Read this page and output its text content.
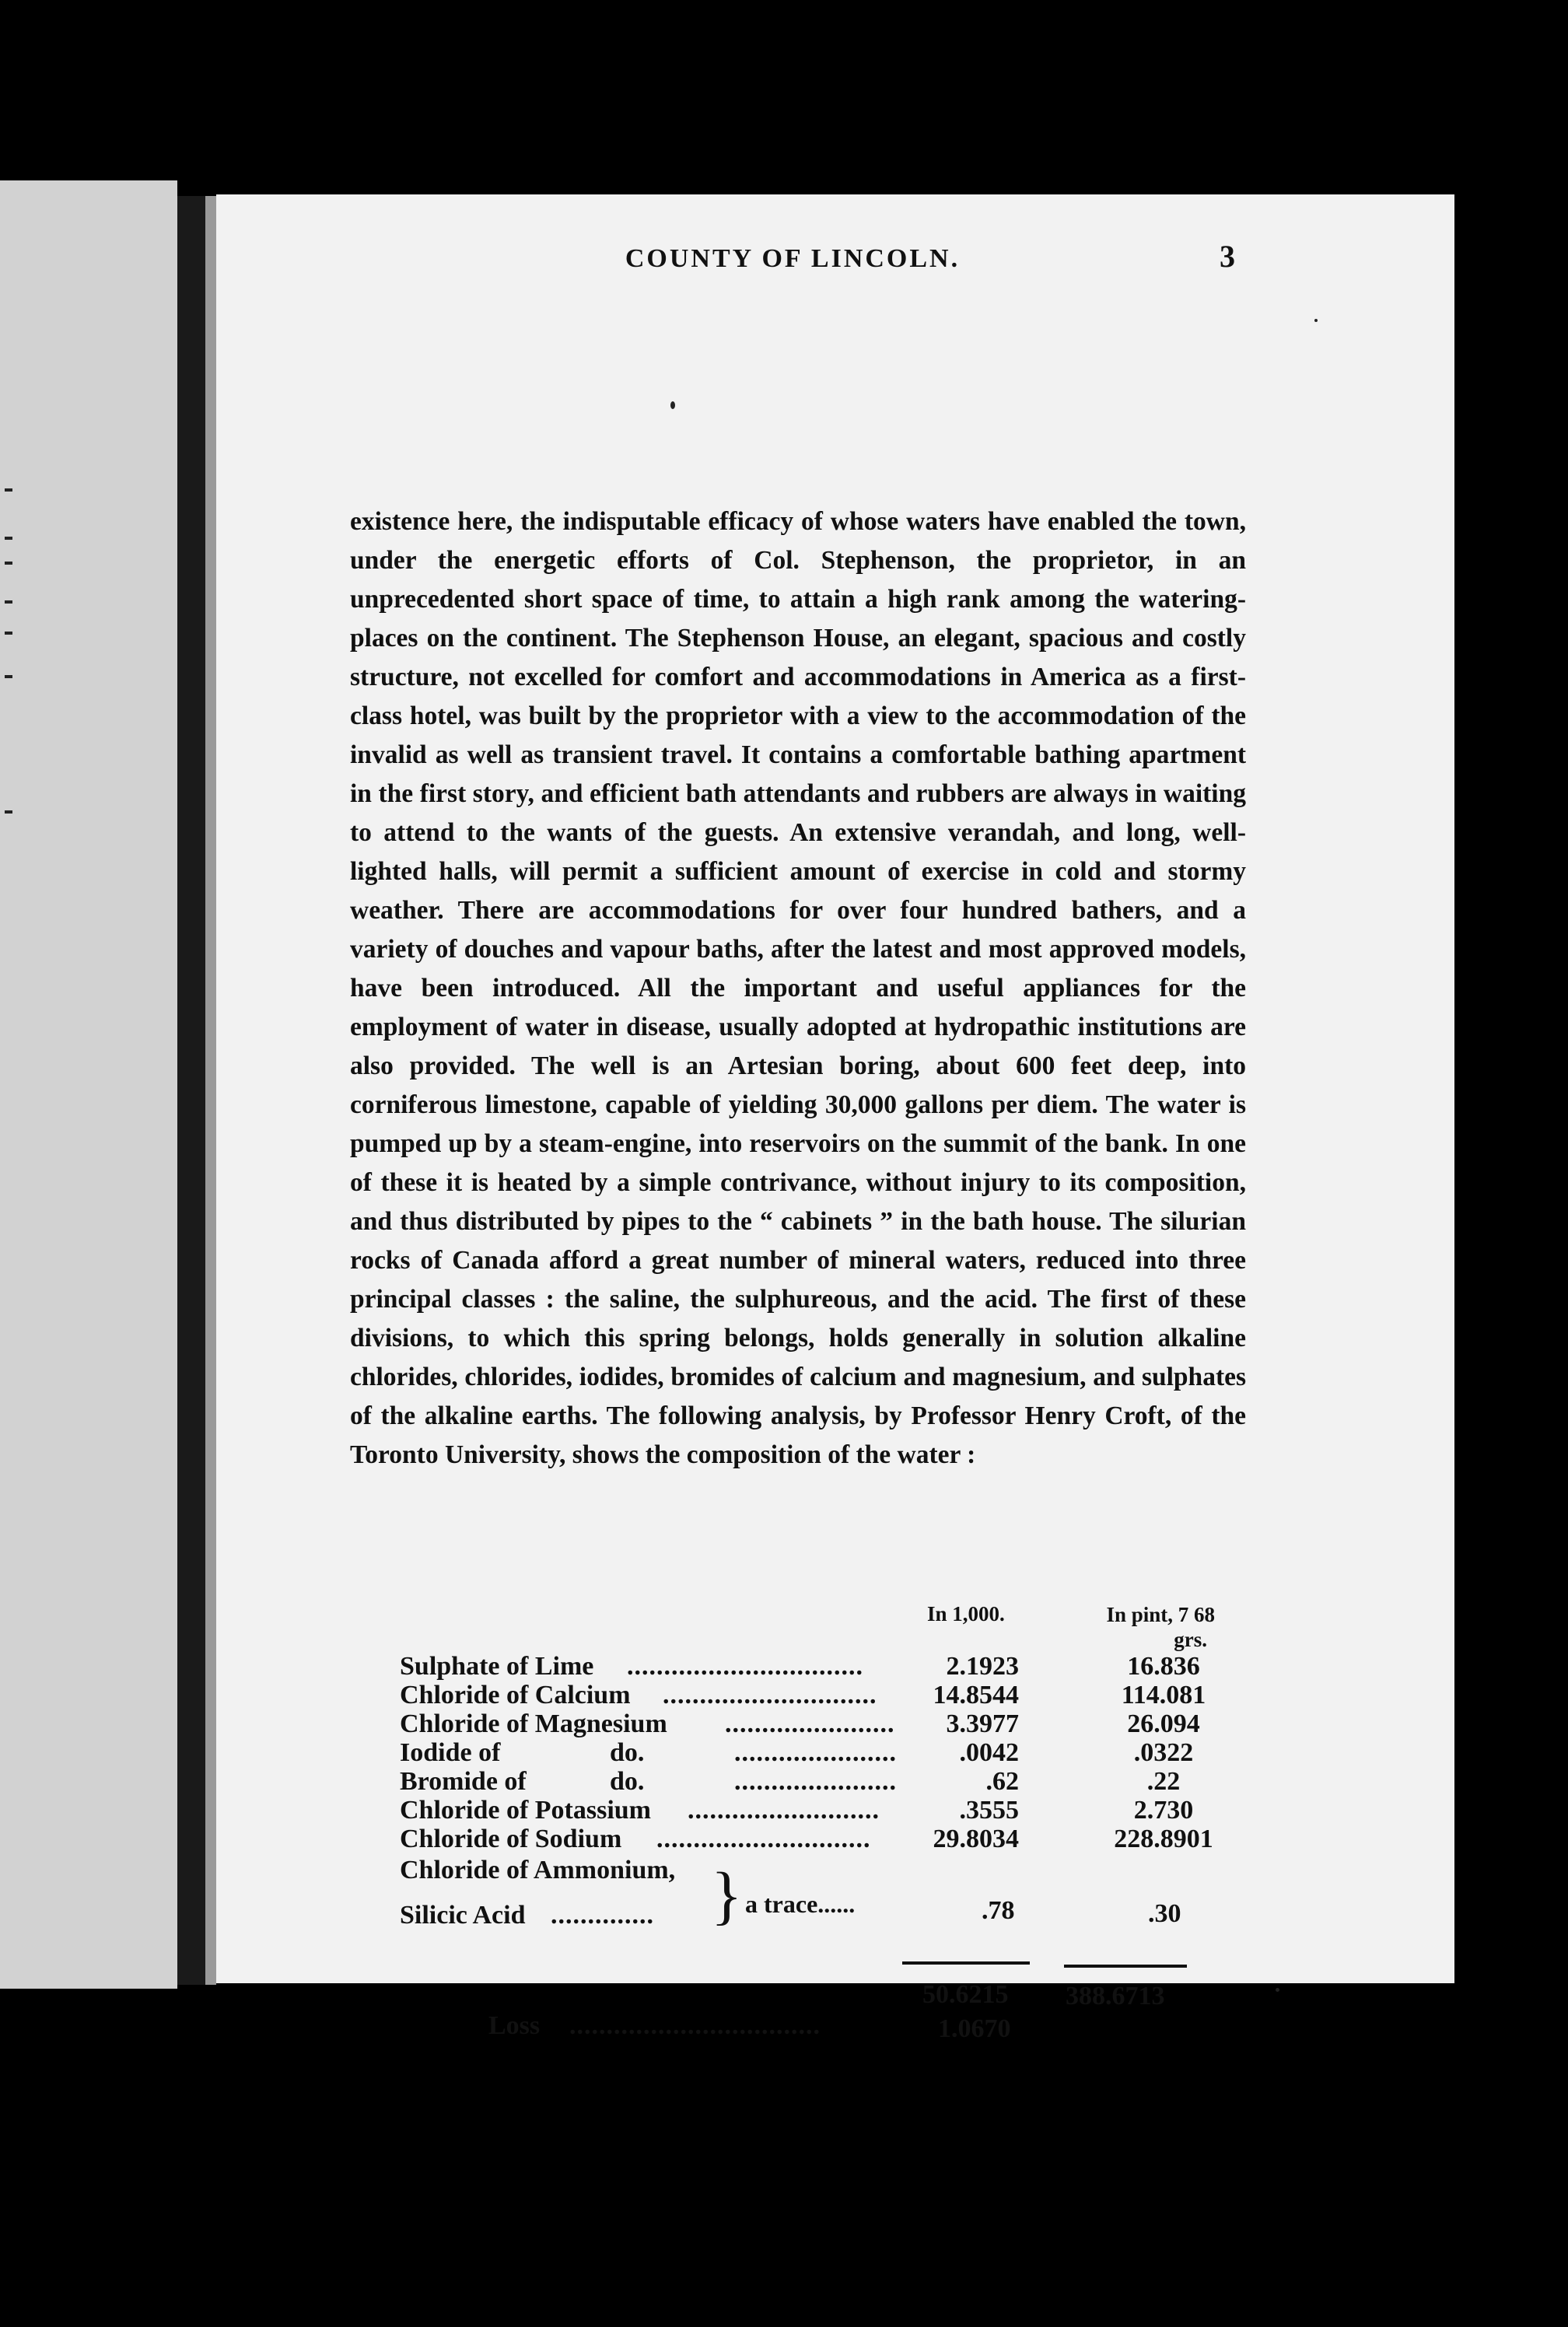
COUNTY OF LINCOLN.	3

existence here, the indisputable efficacy of whose waters have enabled the town, under the energetic efforts of Col. Stephenson, the proprietor, in an unprecedented short space of time, to attain a high rank among the watering-places on the continent. The Stephenson House, an elegant, spacious and costly structure, not excelled for comfort and accommodations in America as a first-class hotel, was built by the proprietor with a view to the accommodation of the invalid as well as transient travel. It contains a comfortable bathing apartment in the first story, and efficient bath attendants and rubbers are always in waiting to attend to the wants of the guests. An extensive verandah, and long, well-lighted halls, will permit a sufficient amount of exercise in cold and stormy weather. There are accommodations for over four hundred bathers, and a variety of douches and vapour baths, after the latest and most approved models, have been introduced. All the important and useful appliances for the employment of water in disease, usually adopted at hydropathic institutions are also provided. The well is an Artesian boring, about 600 feet deep, into corniferous limestone, capable of yielding 30,000 gallons per diem. The water is pumped up by a steam-engine, into reservoirs on the summit of the bank. In one of these it is heated by a simple contrivance, without injury to its composition, and thus distributed by pipes to the “ cabinets ” in the bath house. The silurian rocks of Canada afford a great number of mineral waters, reduced into three principal classes : the saline, the sulphureous, and the acid. The first of these divisions, to which this spring belongs, holds generally in solution alkaline chlorides, chlorides, iodides, bromides of calcium and magnesium, and sulphates of the alkaline earths. The following analysis, by Professor Henry Croft, of the Toronto University, shows the composition of the water :

In 1,000.	In pint, 7 68
grs.
Sulphate of Lime ................................	2.1923	16.836
Chloride of Calcium .............................	14.8544	114.081
Chloride of Magnesium .......................	3.3977	26.094
Iodide of	do.	......................	.0042	.0322
Bromide of	do.	......................	.62	.22
Chloride of Potassium ..........................	.3555	2.730
Chloride of Sodium .............................	29.8034	228.8901
Chloride of Ammonium,
Silicic Acid .............. } a trace......	.78	.30
50.6215 388.6713
Loss ..................................	1.0670
